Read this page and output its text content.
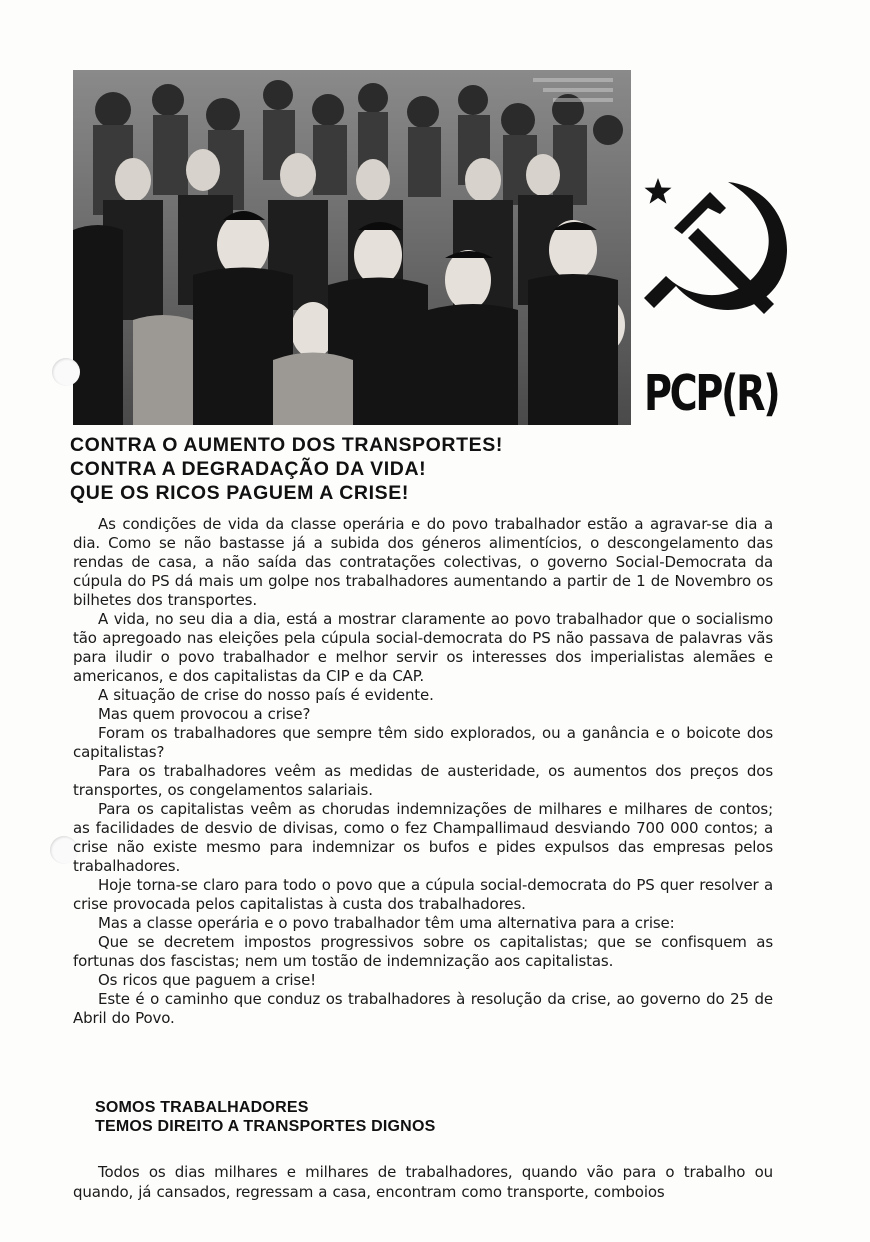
PCP(R)
CONTRA O AUMENTO DOS TRANSPORTES!
CONTRA A DEGRADAÇÃO DA VIDA!
QUE OS RICOS PAGUEM A CRISE!

As condições de vida da classe operária e do povo trabalhador estão a agravar-se dia a dia. Como se não bastasse já a subida dos géneros alimentícios, o descongelamento das rendas de casa, a não saída das contratações colectivas, o governo Social-Democrata da cúpula do PS dá mais um golpe nos trabalhadores aumentando a partir de 1 de Novembro os bilhetes dos transportes.

A vida, no seu dia a dia, está a mostrar claramente ao povo trabalhador que o socialismo tão apregoado nas eleições pela cúpula social-democrata do PS não passava de palavras vãs para iludir o povo trabalhador e melhor servir os interesses dos imperialistas alemães e americanos, e dos capitalistas da CIP e da CAP.

A situação de crise do nosso país é evidente.

Mas quem provocou a crise?

Foram os trabalhadores que sempre têm sido explorados, ou a ganância e o boicote dos capitalistas?

Para os trabalhadores veêm as medidas de austeridade, os aumentos dos preços dos transportes, os congelamentos salariais.

Para os capitalistas veêm as chorudas indemnizações de milhares e milhares de contos; as facilidades de desvio de divisas, como o fez Champallimaud desviando 700 000 contos; a crise não existe mesmo para indemnizar os bufos e pides expulsos das empresas pelos trabalhadores.

Hoje torna-se claro para todo o povo que a cúpula social-democrata do PS quer resolver a crise provocada pelos capitalistas à custa dos trabalhadores.

Mas a classe operária e o povo trabalhador têm uma alternativa para a crise:

Que se decretem impostos progressivos sobre os capitalistas; que se confisquem as fortunas dos fascistas; nem um tostão de indemnização aos capitalistas.

Os ricos que paguem a crise!

Este é o caminho que conduz os trabalhadores à resolução da crise, ao governo do 25 de Abril do Povo.

SOMOS TRABALHADORES
TEMOS DIREITO A TRANSPORTES DIGNOS

Todos os dias milhares e milhares de trabalhadores, quando vão para o trabalho ou quando, já cansados, regressam a casa, encontram como transporte, comboios
